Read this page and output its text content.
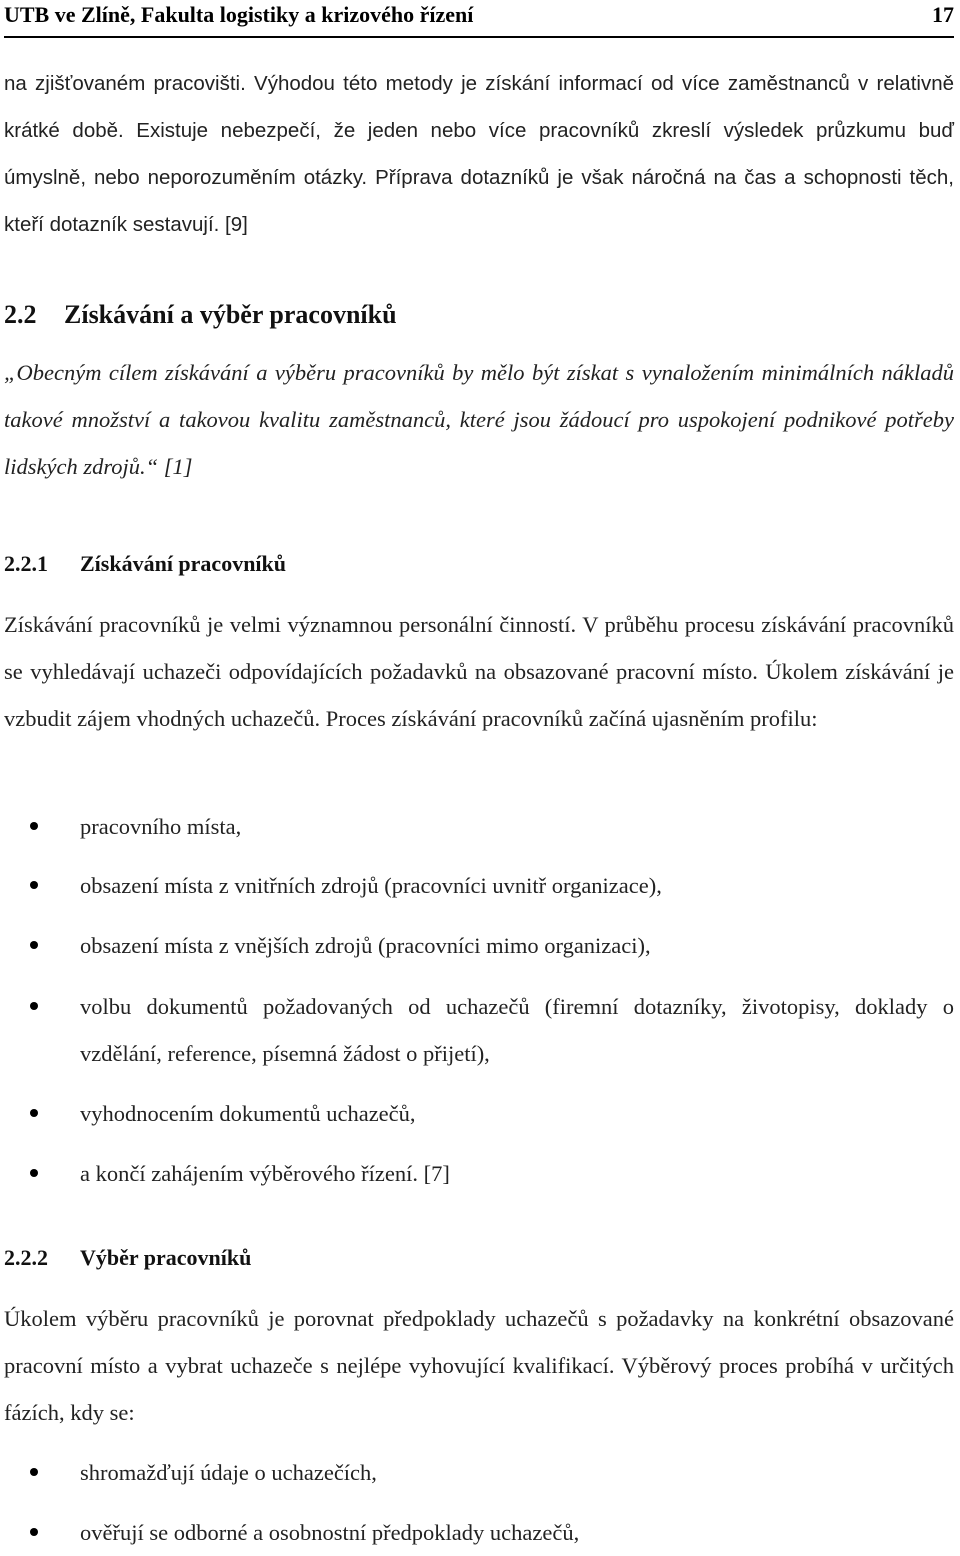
UTB ve Zlíně, Fakulta logistiky a krizového řízení	17

na zjišťovaném pracovišti. Výhodou této metody je získání informací od více zaměstnanců v relativně krátké době. Existuje nebezpečí, že jeden nebo více pracovníků zkreslí výsledek průzkumu buď úmyslně, nebo neporozuměním otázky. Příprava dotazníků je však náročná na čas a schopnosti těch, kteří dotazník sestavují. [9]

2.2 Získávání a výběr pracovníků

„Obecným cílem získávání a výběru pracovníků by mělo být získat s vynaložením minimálních nákladů takové množství a takovou kvalitu zaměstnanců, které jsou žádoucí pro uspokojení podnikové potřeby lidských zdrojů.“ [1]

2.2.1 Získávání pracovníků

Získávání pracovníků je velmi významnou personální činností. V průběhu procesu získávání pracovníků se vyhledávají uchazeči odpovídajících požadavků na obsazované pracovní místo. Úkolem získávání je vzbudit zájem vhodných uchazečů. Proces získávání pracovníků začíná ujasněním profilu:

pracovního místa,
obsazení místa z vnitřních zdrojů (pracovníci uvnitř organizace),
obsazení místa z vnějších zdrojů (pracovníci mimo organizaci),
volbu dokumentů požadovaných od uchazečů (firemní dotazníky, životopisy, doklady o vzdělání, reference, písemná žádost o přijetí),
vyhodnocením dokumentů uchazečů,
a končí zahájením výběrového řízení. [7]
2.2.2 Výběr pracovníků

Úkolem výběru pracovníků je porovnat předpoklady uchazečů s požadavky na konkrétní obsazované pracovní místo a vybrat uchazeče s nejlépe vyhovující kvalifikací. Výběrový proces probíhá v určitých fázích, kdy se:

shromažďují údaje o uchazečích,
ověřují se odborné a osobnostní předpoklady uchazečů,
